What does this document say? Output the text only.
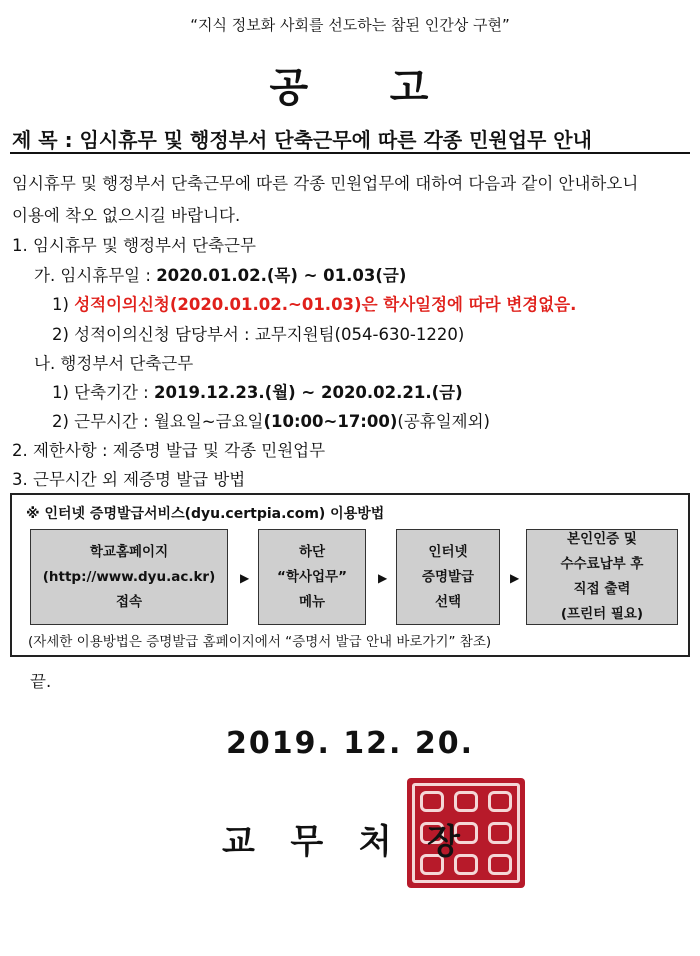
“지식 정보화 사회를 선도하는 참된 인간상 구현”
공     고
제 목 : 임시휴무 및 행정부서 단축근무에 따른 각종 민원업무 안내
임시휴무 및 행정부서 단축근무에 따른 각종 민원업무에 대하여 다음과 같이 안내하오니
이용에 착오 없으시길 바랍니다.
1. 임시휴무 및 행정부서 단축근무
가. 임시휴무일 : 2020.01.02.(목) ~ 01.03(금)
1) 성적이의신청(2020.01.02.~01.03)은 학사일정에 따라 변경없음.
2) 성적이의신청 담당부서 : 교무지원팀(054-630-1220)
나. 행정부서 단축근무
1) 단축기간 : 2019.12.23.(월) ~ 2020.02.21.(금)
2) 근무시간 : 월요일~금요일(10:00~17:00)(공휴일제외)
2. 제한사항 : 제증명 발급 및 각종 민원업무
3. 근무시간 외 제증명 발급 방법
※ 인터넷 증명발급서비스(dyu.certpia.com) 이용방법
학교홈페이지
(http://www.dyu.ac.kr)
접속
▶
하단
“학사업무”
메뉴
▶
인터넷
증명발급
선택
▶
본인인증 및
수수료납부 후
직접 출력
(프린터 필요)
(자세한 이용방법은 증명발급 홈페이지에서 “증명서 발급 안내 바로가기” 참조)
끝.
2019. 12. 20.
교   무   처   장
